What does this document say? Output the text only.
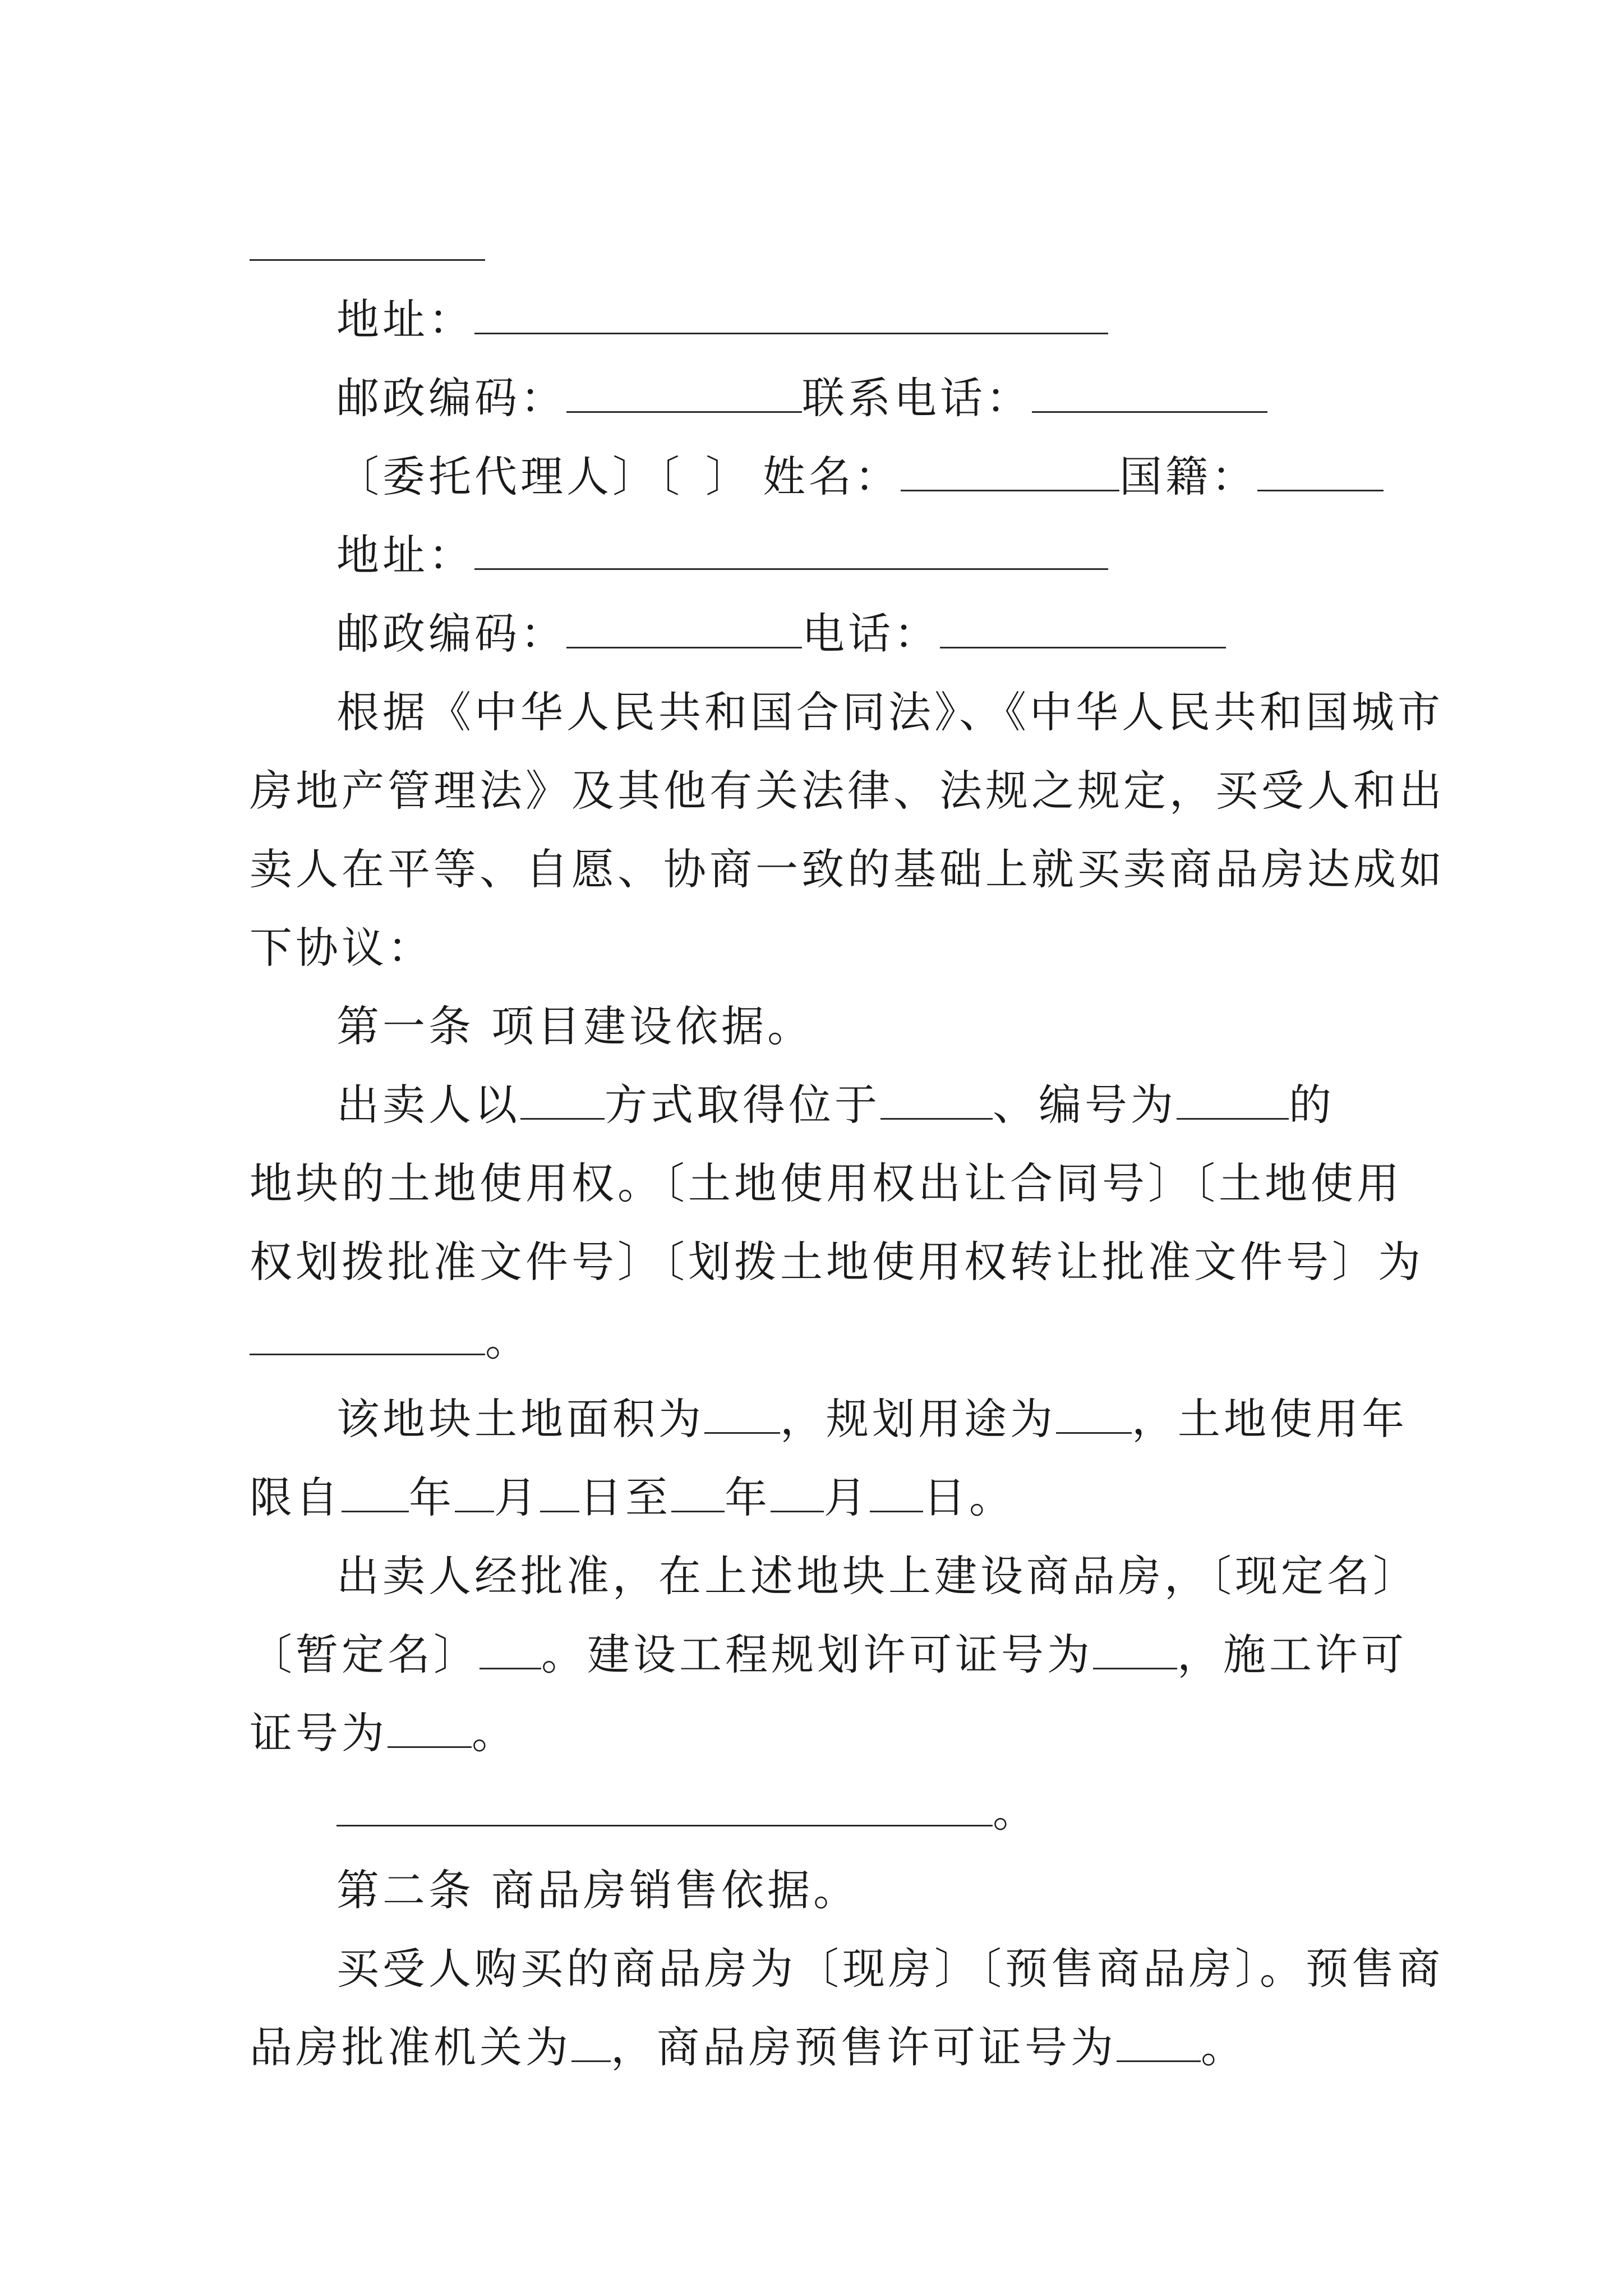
地址：
邮政编码：	联系电话：
〔委托代理人〕〔 〕 姓名：	国籍：
地址：
邮政编码：	电话：
根据《中华人民共和国合同法》、《中华人民共和国城市
房地产管理法》及其他有关法律、法规之规定，买受人和出
卖人在平等、自愿、协商一致的基础上就买卖商品房达成如
下协议：
第一条 项目建设依据。
出卖人以 方式取得位于	、编号为	的
地块的土地使用权。〔土地使用权出让合同号〕〔土地使用
权划拨批准文件号〕〔划拨土地使用权转让批准文件号〕为
。
该地块土地面积为 ，规划用途为 ，土地使用年
限自 年 月 日至 年 月 日。
出卖人经批准，在上述地块上建设商品房，〔现定名〕
〔暂定名〕 。建设工程规划许可证号为 ，施工许可
证号为 。
。
第二条 商品房销售依据。
买受人购买的商品房为〔现房〕〔预售商品房〕。预售商
品房批准机关为 ，商品房预售许可证号为 。
